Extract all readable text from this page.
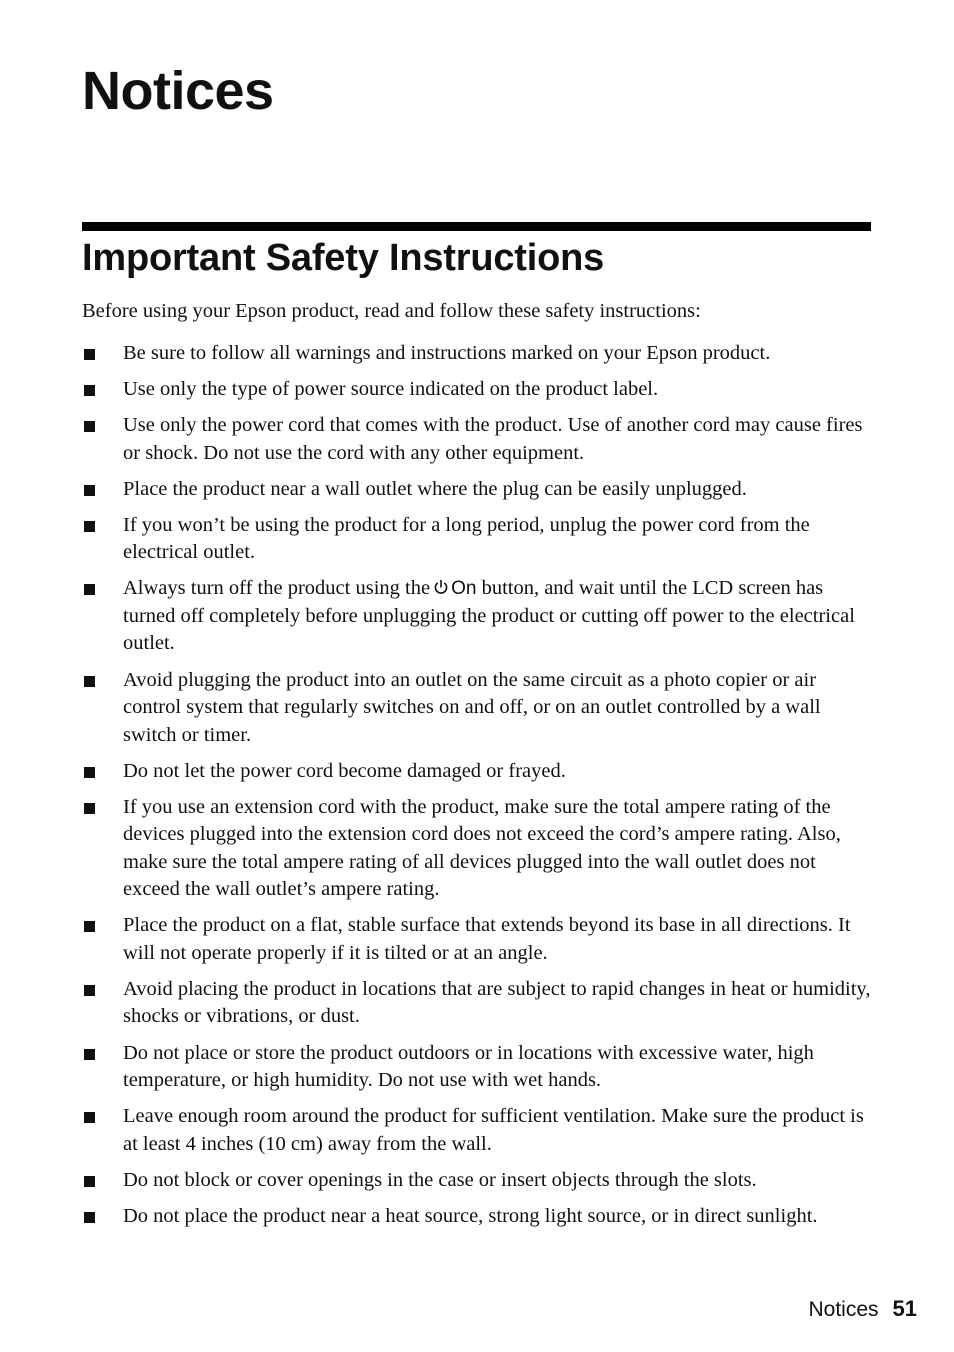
Notices
Important Safety Instructions

Before using your Epson product, read and follow these safety instructions:

Be sure to follow all warnings and instructions marked on your Epson product.
Use only the type of power source indicated on the product label.
Use only the power cord that comes with the product. Use of another cord may cause fires or shock. Do not use the cord with any other equipment.
Place the product near a wall outlet where the plug can be easily unplugged.
If you won’t be using the product for a long period, unplug the power cord from the electrical outlet.
Always turn off the product using the On button, and wait until the LCD screen has turned off completely before unplugging the product or cutting off power to the electrical outlet.
Avoid plugging the product into an outlet on the same circuit as a photo copier or air control system that regularly switches on and off, or on an outlet controlled by a wall switch or timer.
Do not let the power cord become damaged or frayed.
If you use an extension cord with the product, make sure the total ampere rating of the devices plugged into the extension cord does not exceed the cord’s ampere rating. Also, make sure the total ampere rating of all devices plugged into the wall outlet does not exceed the wall outlet’s ampere rating.
Place the product on a flat, stable surface that extends beyond its base in all directions. It will not operate properly if it is tilted or at an angle.
Avoid placing the product in locations that are subject to rapid changes in heat or humidity, shocks or vibrations, or dust.
Do not place or store the product outdoors or in locations with excessive water, high temperature, or high humidity. Do not use with wet hands.
Leave enough room around the product for sufficient ventilation. Make sure the product is at least 4 inches (10 cm) away from the wall.
Do not block or cover openings in the case or insert objects through the slots.
Do not place the product near a heat source, strong light source, or in direct sunlight.
Notices 51
